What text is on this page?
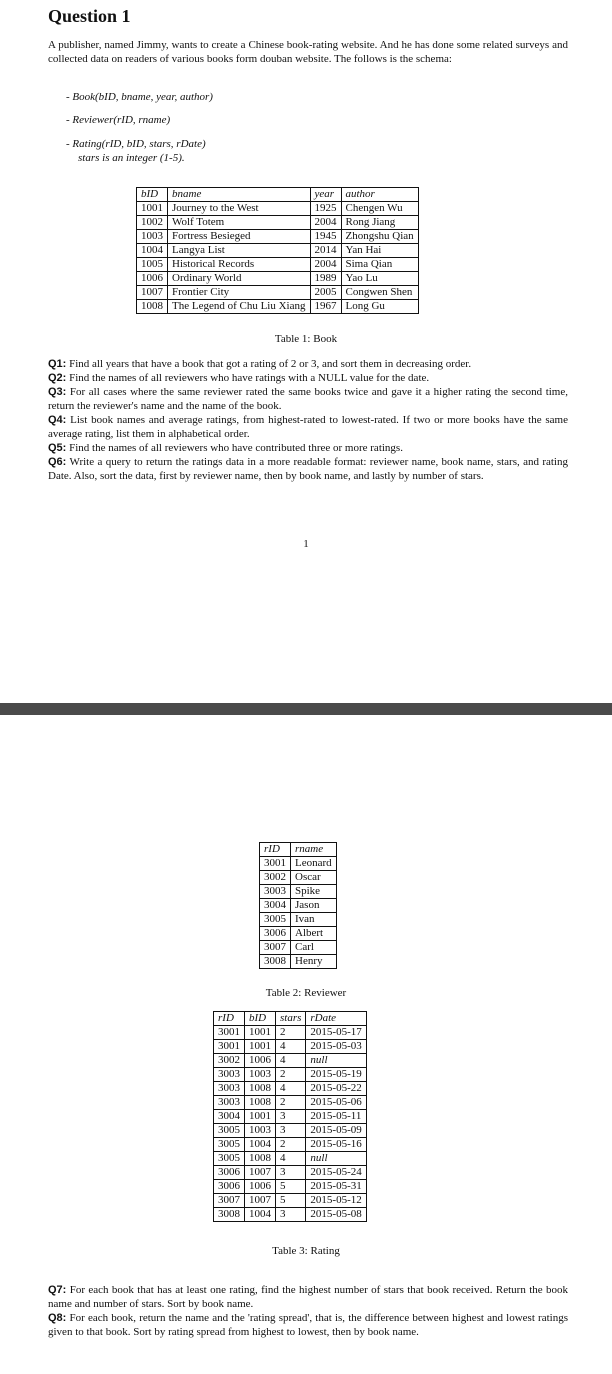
Question 1

A publisher, named Jimmy, wants to create a Chinese book-rating website. And he has done some related surveys and collected data on readers of various books form douban website. The follows is the schema:

- Book(bID, bname, year, author)
- Reviewer(rID, rname)
- Rating(rID, bID, stars, rDate)
stars is an integer (1-5).
bID	bname	year	author
1001	Journey to the West	1925	Chengen Wu
1002	Wolf Totem	2004	Rong Jiang
1003	Fortress Besieged	1945	Zhongshu Qian
1004	Langya List	2014	Yan Hai
1005	Historical Records	2004	Sima Qian
1006	Ordinary World	1989	Yao Lu
1007	Frontier City	2005	Congwen Shen
1008	The Legend of Chu Liu Xiang	1967	Long Gu

Table 1: Book

Q1: Find all years that have a book that got a rating of 2 or 3, and sort them in decreasing order.

Q2: Find the names of all reviewers who have ratings with a NULL value for the date.

Q3: For all cases where the same reviewer rated the same books twice and gave it a higher rating the second time, return the reviewer's name and the name of the book.

Q4: List book names and average ratings, from highest-rated to lowest-rated. If two or more books have the same average rating, list them in alphabetical order.

Q5: Find the names of all reviewers who have contributed three or more ratings.

Q6: Write a query to return the ratings data in a more readable format: reviewer name, book name, stars, and rating Date. Also, sort the data, first by reviewer name, then by book name, and lastly by number of stars.

1
rID	rname
3001	Leonard
3002	Oscar
3003	Spike
3004	Jason
3005	Ivan
3006	Albert
3007	Carl
3008	Henry

Table 2: Reviewer

rID	bID	stars	rDate
3001	1001	2	2015-05-17
3001	1001	4	2015-05-03
3002	1006	4	null
3003	1003	2	2015-05-19
3003	1008	4	2015-05-22
3003	1008	2	2015-05-06
3004	1001	3	2015-05-11
3005	1003	3	2015-05-09
3005	1004	2	2015-05-16
3005	1008	4	null
3006	1007	3	2015-05-24
3006	1006	5	2015-05-31
3007	1007	5	2015-05-12
3008	1004	3	2015-05-08

Table 3: Rating

Q7: For each book that has at least one rating, find the highest number of stars that book received. Return the book name and number of stars. Sort by book name.

Q8: For each book, return the name and the 'rating spread', that is, the difference between highest and lowest ratings given to that book. Sort by rating spread from highest to lowest, then by book name.
